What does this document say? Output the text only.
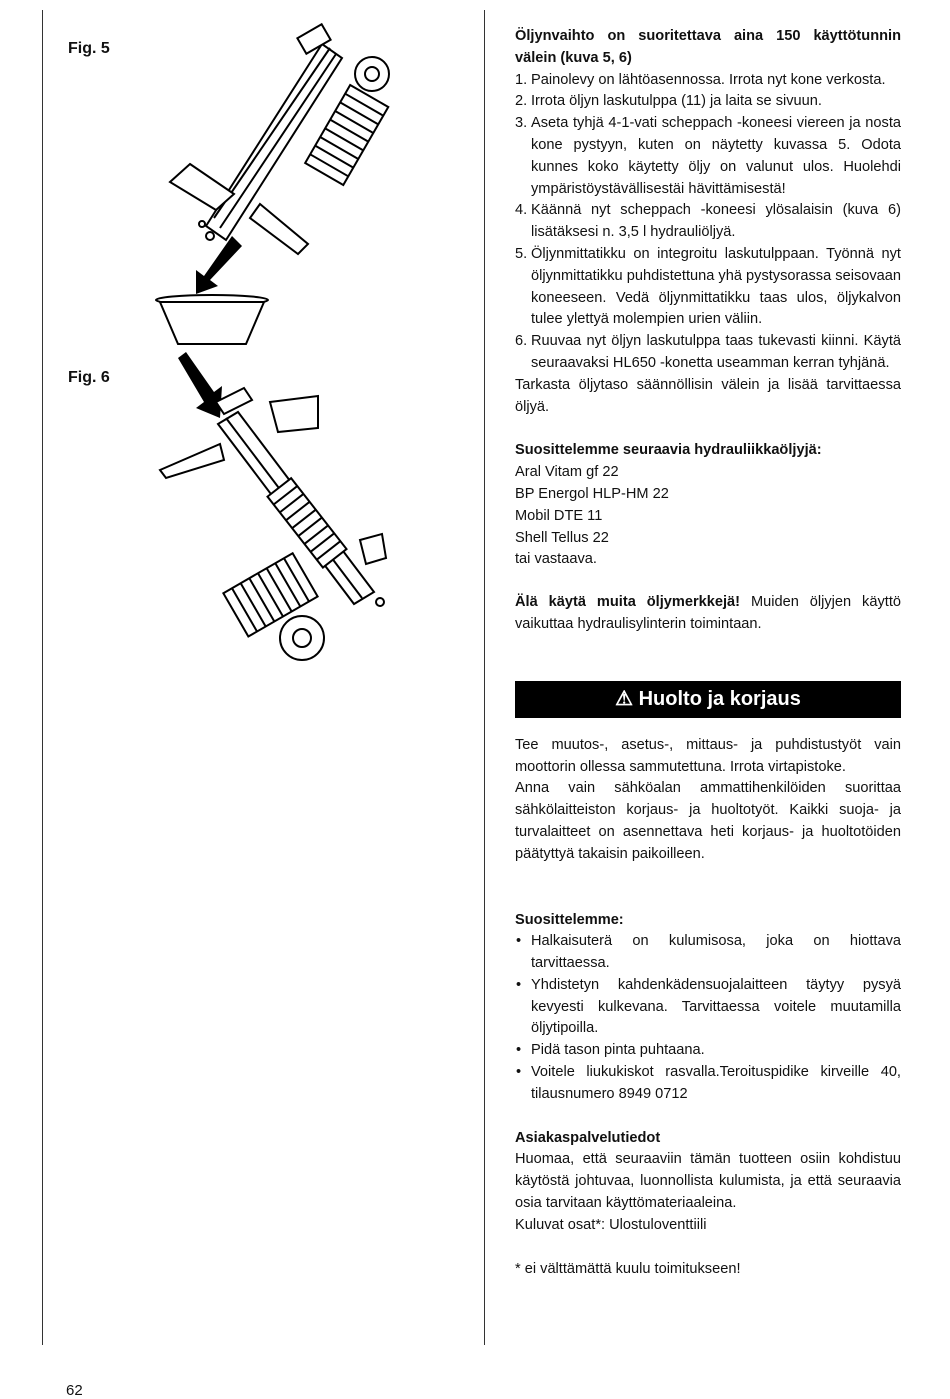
Fig. 5
Fig. 6

Öljynvaihto on suoritettava aina 150 käyttötunnin välein (kuva 5, 6)

1. Painolevy on lähtöasennossa. Irrota nyt kone verkosta.
2. Irrota öljyn laskutulppa (11) ja laita se sivuun.
3. Aseta tyhjä 4-1-vati scheppach -koneesi viereen ja nosta kone pystyyn, kuten on näytetty kuvassa 5. Odota kunnes koko käytetty öljy on valunut ulos. Huolehdi ympäristöystävällisestäi hävittämisestä!
4. Käännä nyt scheppach -koneesi ylösalaisin (kuva 6) lisätäksesi n. 3,5 l hydrauliöljyä.
5. Öljynmittatikku on integroitu laskutulppaan. Työnnä nyt öljynmittatikku puhdistettuna yhä pystysorassa seisovaan koneeseen. Vedä öljynmittatikku taas ulos, öljykalvon tulee ylettyä molempien urien väliin.
6. Ruuvaa nyt öljyn laskutulppa taas tukevasti kiinni. Käytä seuraavaksi HL650 -konetta useamman kerran tyhjänä.

Tarkasta öljytaso säännöllisin välein ja lisää tarvittaessa öljyä.

Suosittelemme seuraavia hydrauliikkaöljyjä:

Aral Vitam gf 22

BP Energol HLP-HM 22

Mobil DTE 11

Shell Tellus 22

tai vastaava.

Älä käytä muita öljymerkkejä! Muiden öljyjen käyttö vaikuttaa hydraulisylinterin toimintaan.

⚠ Huolto ja korjaus

Tee muutos-, asetus-, mittaus- ja puhdistustyöt vain moottorin ollessa sammutettuna. Irrota virtapistoke.

Anna vain sähköalan ammattihenkilöiden suorittaa sähkölaitteiston korjaus- ja huoltotyöt. Kaikki suoja- ja turvalaitteet on asennettava heti korjaus- ja huoltotöiden päätyttyä takaisin paikoilleen.

Suosittelemme:

• Halkaisuterä on kulumisosa, joka on hiottava tarvittaessa.
• Yhdistetyn kahdenkädensuojalaitteen täytyy pysyä kevyesti kulkevana. Tarvittaessa voitele muutamilla öljytipoilla.
• Pidä tason pinta puhtaana.
• Voitele liukukiskot rasvalla.Teroituspidike kirveille 40, tilausnumero 8949 0712

Asiakaspalvelutiedot

Huomaa, että seuraaviin tämän tuotteen osiin kohdistuu käytöstä johtuvaa, luonnollista kulumista, ja että seuraavia osia tarvitaan käyttömateriaaleina.

Kuluvat osat*: Ulostuloventtiili

* ei välttämättä kuulu toimitukseen!

62
